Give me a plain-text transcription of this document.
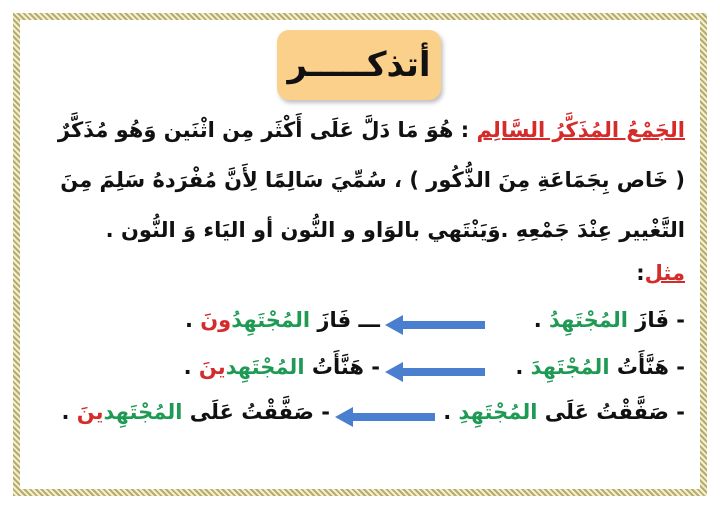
أتذكـــــر
الجَمْعُ المُذَكَّرُ السَّالِم : هُوَ مَا دَلَّ عَلَى أَكْثَر مِن اثْنَين وَهُو مُذَكَّرٌ
( خَاص بِجَمَاعَةِ مِنَ الذُّكُور ) ، سُمِّيَ سَالِمًا لِأَنَّ مُفْرَدهُ سَلِمَ مِنَ
التَّغْيير عِنْدَ جَمْعِهِ .وَيَنْتَهي بالوَاو و النُّون أو اليَاء وَ النُّون .
مثل:
- فَازَ المُجْتَهِدُ .
ـــ فَازَ المُجْتَهِدُونَ .
- هَنَّأَتُ المُجْتَهِدَ .
- هَنَّأَتُ المُجْتَهِدينَ .
- صَفَّقْتُ عَلَى المُجْتَهِدِ .
- صَفَّقْتُ عَلَى المُجْتَهِدينَ .
